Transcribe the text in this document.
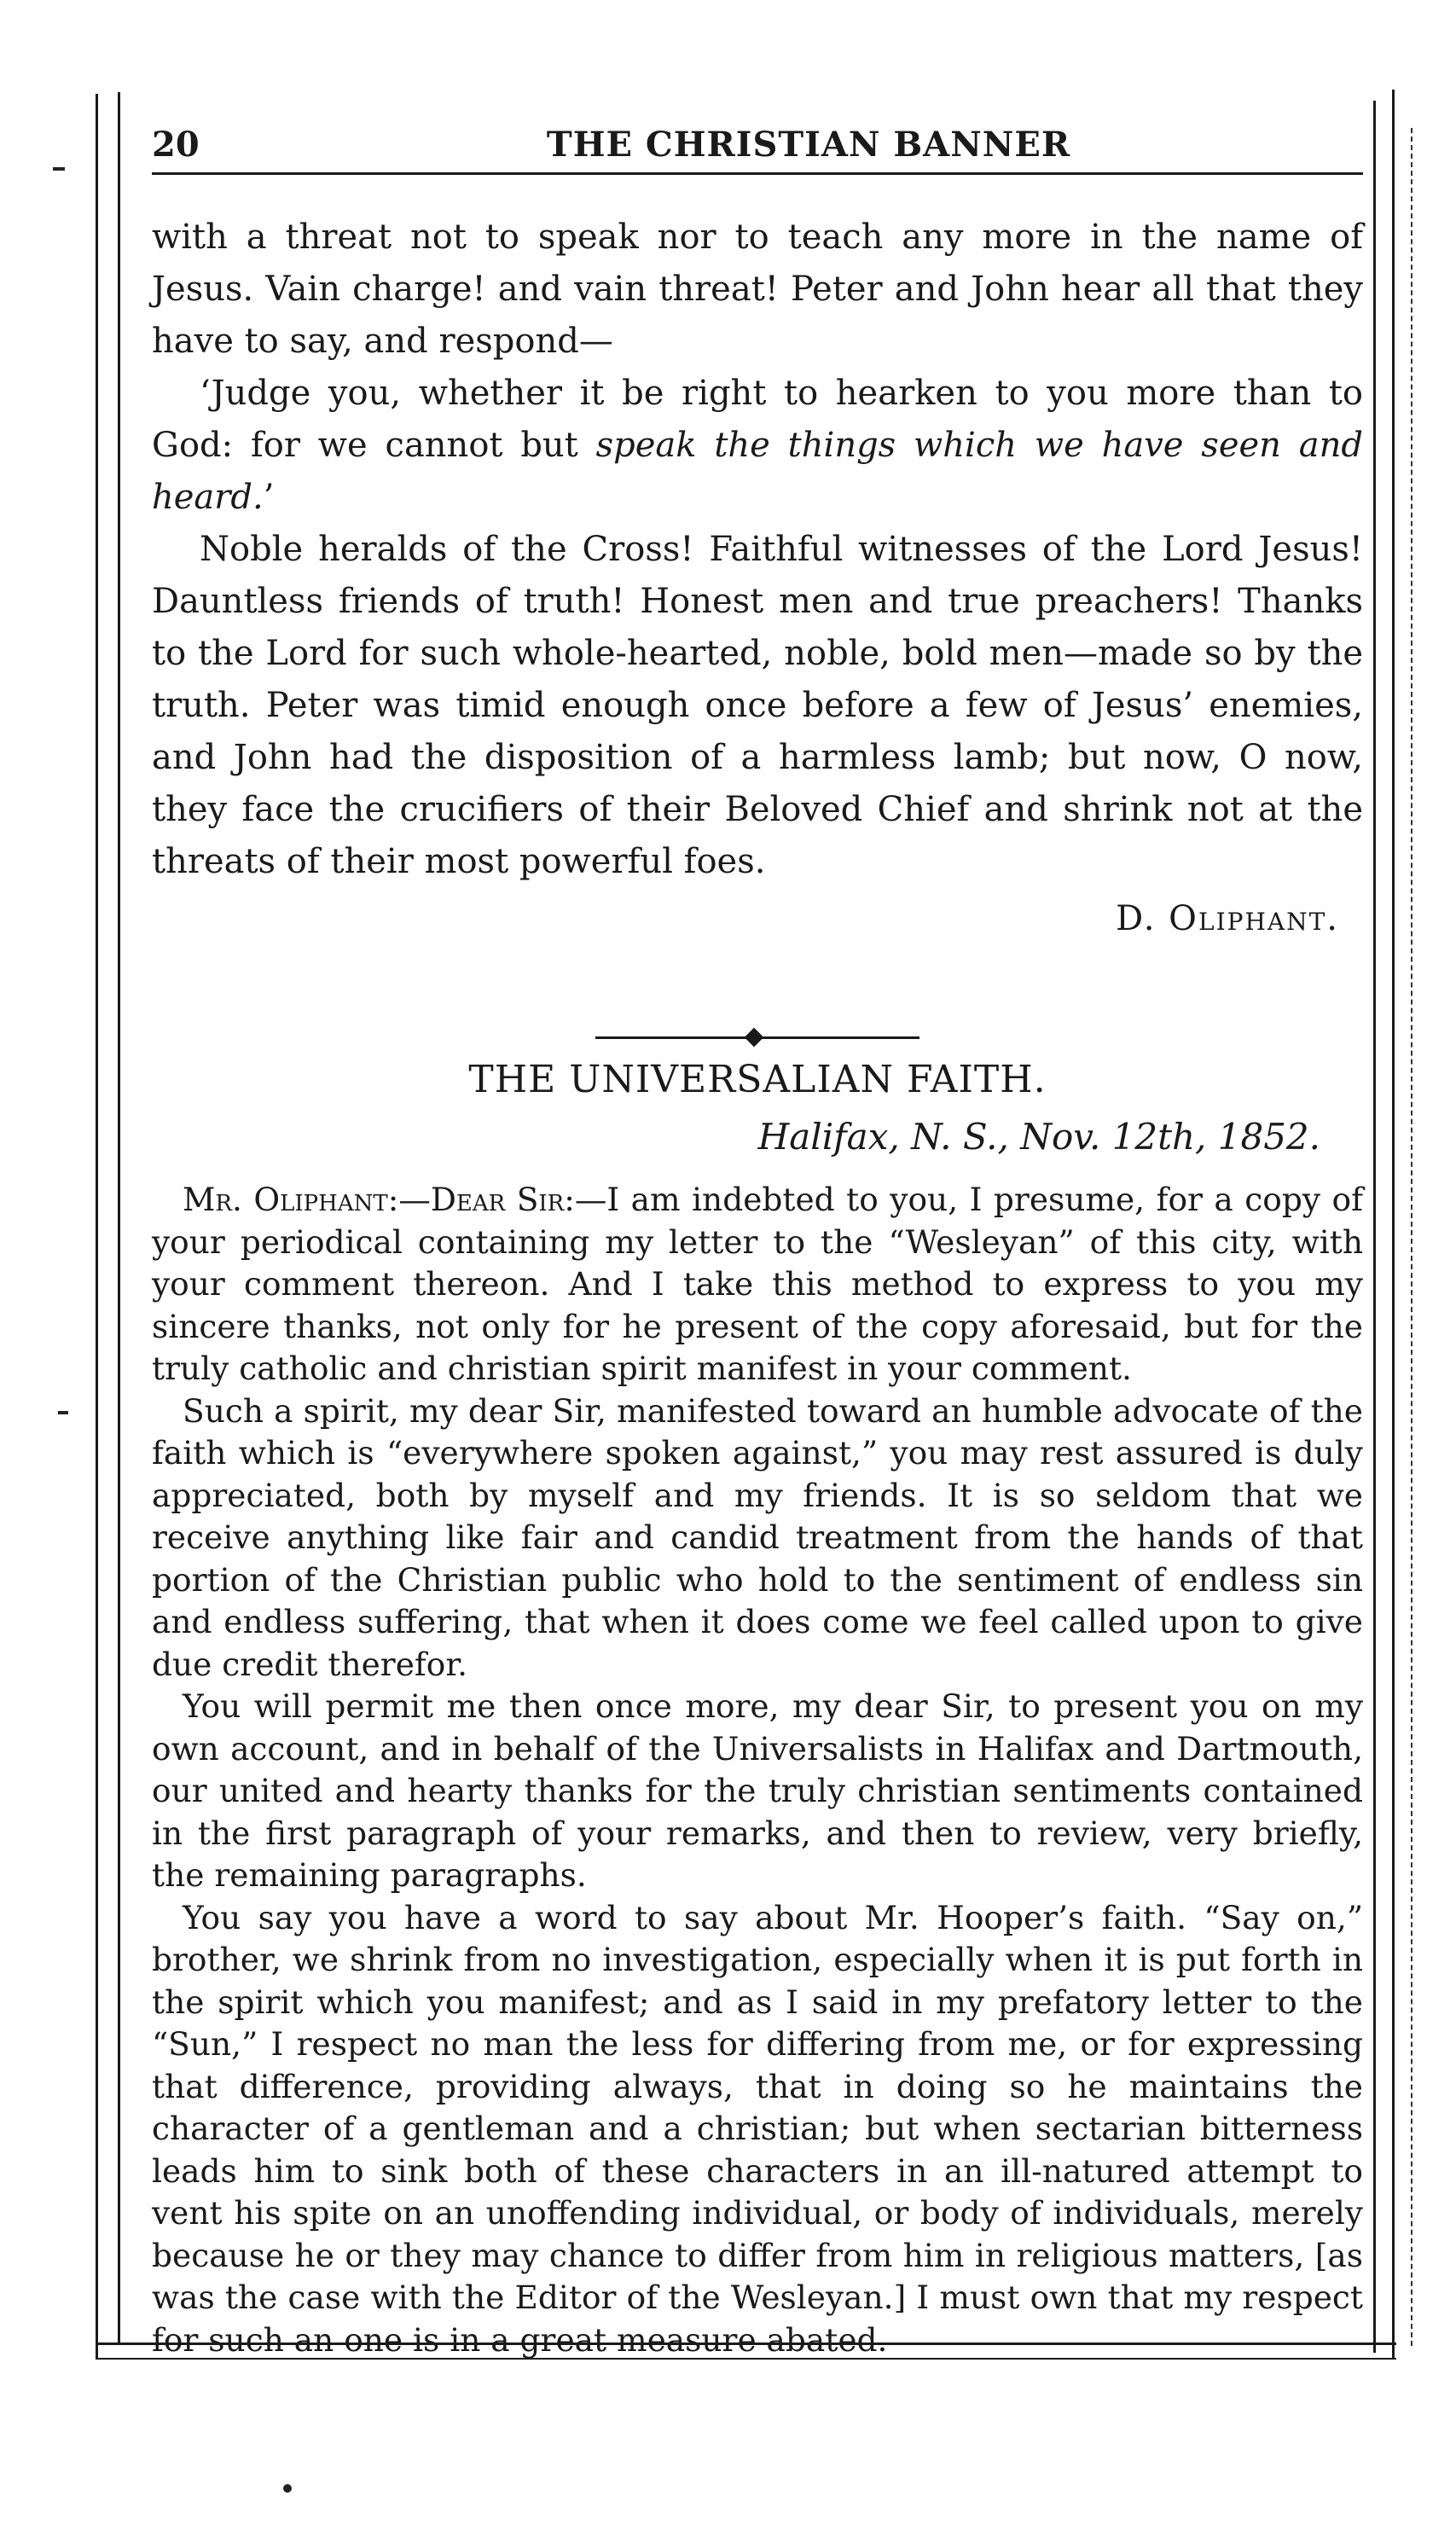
20	THE CHRISTIAN BANNER

with a threat not to speak nor to teach any more in the name of Jesus. Vain charge! and vain threat! Peter and John hear all that they have to say, and respond—

‘Judge you, whether it be right to hearken to you more than to God: for we cannot but speak the things which we have seen and heard.’

Noble heralds of the Cross! Faithful witnesses of the Lord Jesus! Dauntless friends of truth! Honest men and true preachers! Thanks to the Lord for such whole-hearted, noble, bold men—made so by the truth. Peter was timid enough once before a few of Jesus’ enemies, and John had the disposition of a harmless lamb; but now, O now, they face the crucifiers of their Beloved Chief and shrink not at the threats of their most powerful foes.

D. Oliphant.

THE UNIVERSALIAN FAITH.
Halifax, N. S., Nov. 12th, 1852.

Mr. Oliphant:—Dear Sir:—I am indebted to you, I presume, for a copy of your periodical containing my letter to the “Wesleyan” of this city, with your comment thereon. And I take this method to express to you my sincere thanks, not only for he present of the copy aforesaid, but for the truly catholic and christian spirit manifest in your comment.

Such a spirit, my dear Sir, manifested toward an humble advocate of the faith which is “everywhere spoken against,” you may rest assured is duly appreciated, both by myself and my friends. It is so seldom that we receive anything like fair and candid treatment from the hands of that portion of the Christian public who hold to the sentiment of endless sin and endless suffering, that when it does come we feel called upon to give due credit therefor.

You will permit me then once more, my dear Sir, to present you on my own account, and in behalf of the Universalists in Halifax and Dartmouth, our united and hearty thanks for the truly christian sentiments contained in the first paragraph of your remarks, and then to review, very briefly, the remaining paragraphs.

You say you have a word to say about Mr. Hooper’s faith. “Say on,” brother, we shrink from no investigation, especially when it is put forth in the spirit which you manifest; and as I said in my prefatory letter to the “Sun,” I respect no man the less for differing from me, or for expressing that difference, providing always, that in doing so he maintains the character of a gentleman and a christian; but when sectarian bitterness leads him to sink both of these characters in an ill-natured attempt to vent his spite on an unoffending individual, or body of individuals, merely because he or they may chance to differ from him in religious matters, [as was the case with the Editor of the Wesleyan.] I must own that my respect for such an one is in a great measure abated.
